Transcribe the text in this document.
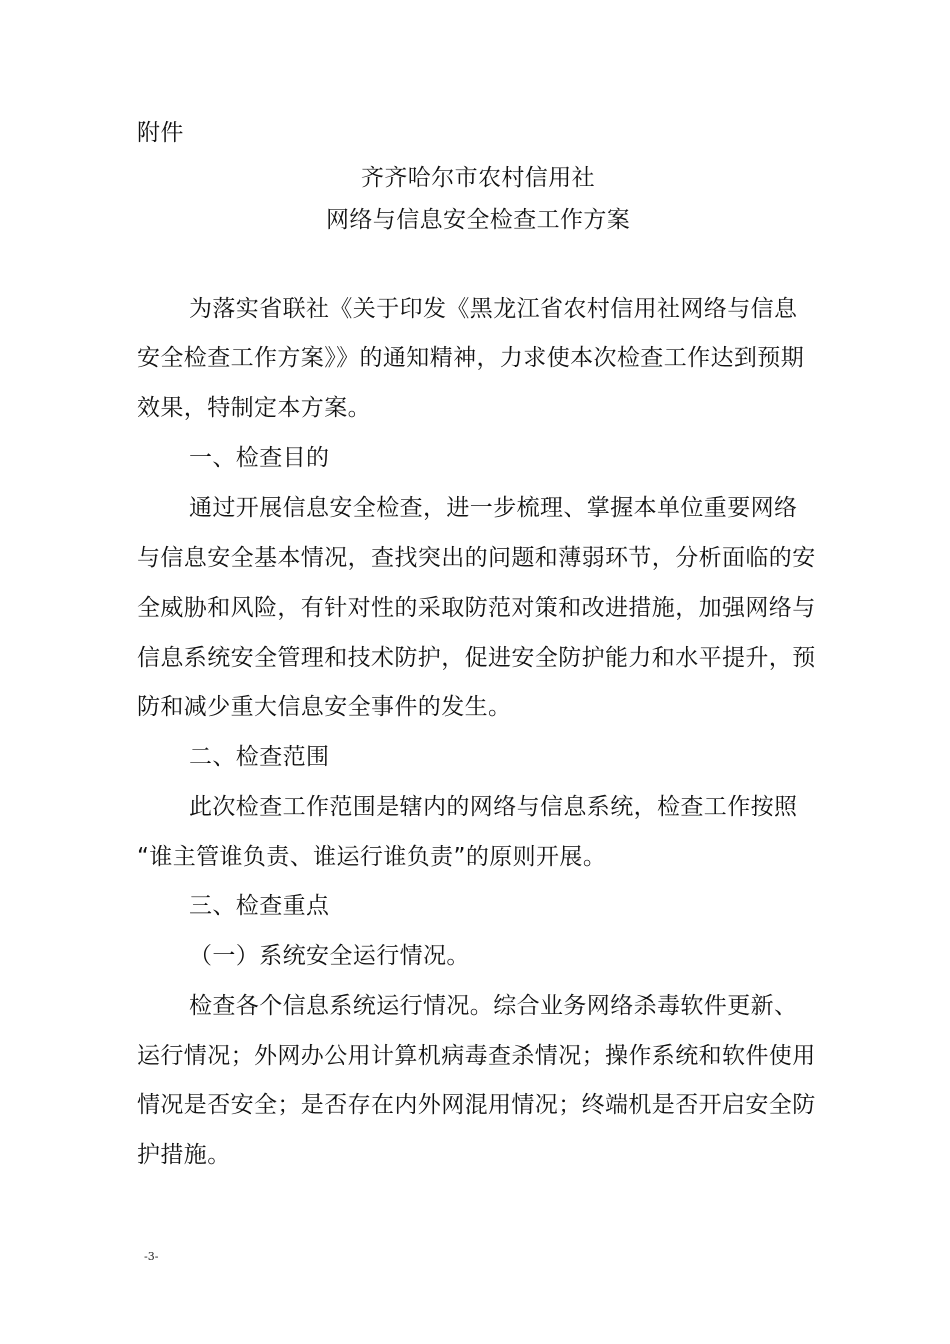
附件
齐齐哈尔市农村信用社
网络与信息安全检查工作方案
为落实省联社《关于印发《黑龙江省农村信用社网络与信息
安全检查工作方案》》的通知精神，力求使本次检查工作达到预期
效果，特制定本方案。
一、检查目的
通过开展信息安全检查，进一步梳理、掌握本单位重要网络
与信息安全基本情况，查找突出的问题和薄弱环节，分析面临的安
全威胁和风险，有针对性的采取防范对策和改进措施，加强网络与
信息系统安全管理和技术防护，促进安全防护能力和水平提升，预
防和减少重大信息安全事件的发生。
二、检查范围
此次检查工作范围是辖内的网络与信息系统，检查工作按照
“谁主管谁负责、谁运行谁负责”的原则开展。
三、检查重点
（一）系统安全运行情况。
检查各个信息系统运行情况。综合业务网络杀毒软件更新、
运行情况；外网办公用计算机病毒查杀情况；操作系统和软件使用
情况是否安全；是否存在内外网混用情况；终端机是否开启安全防
护措施。
-3-
